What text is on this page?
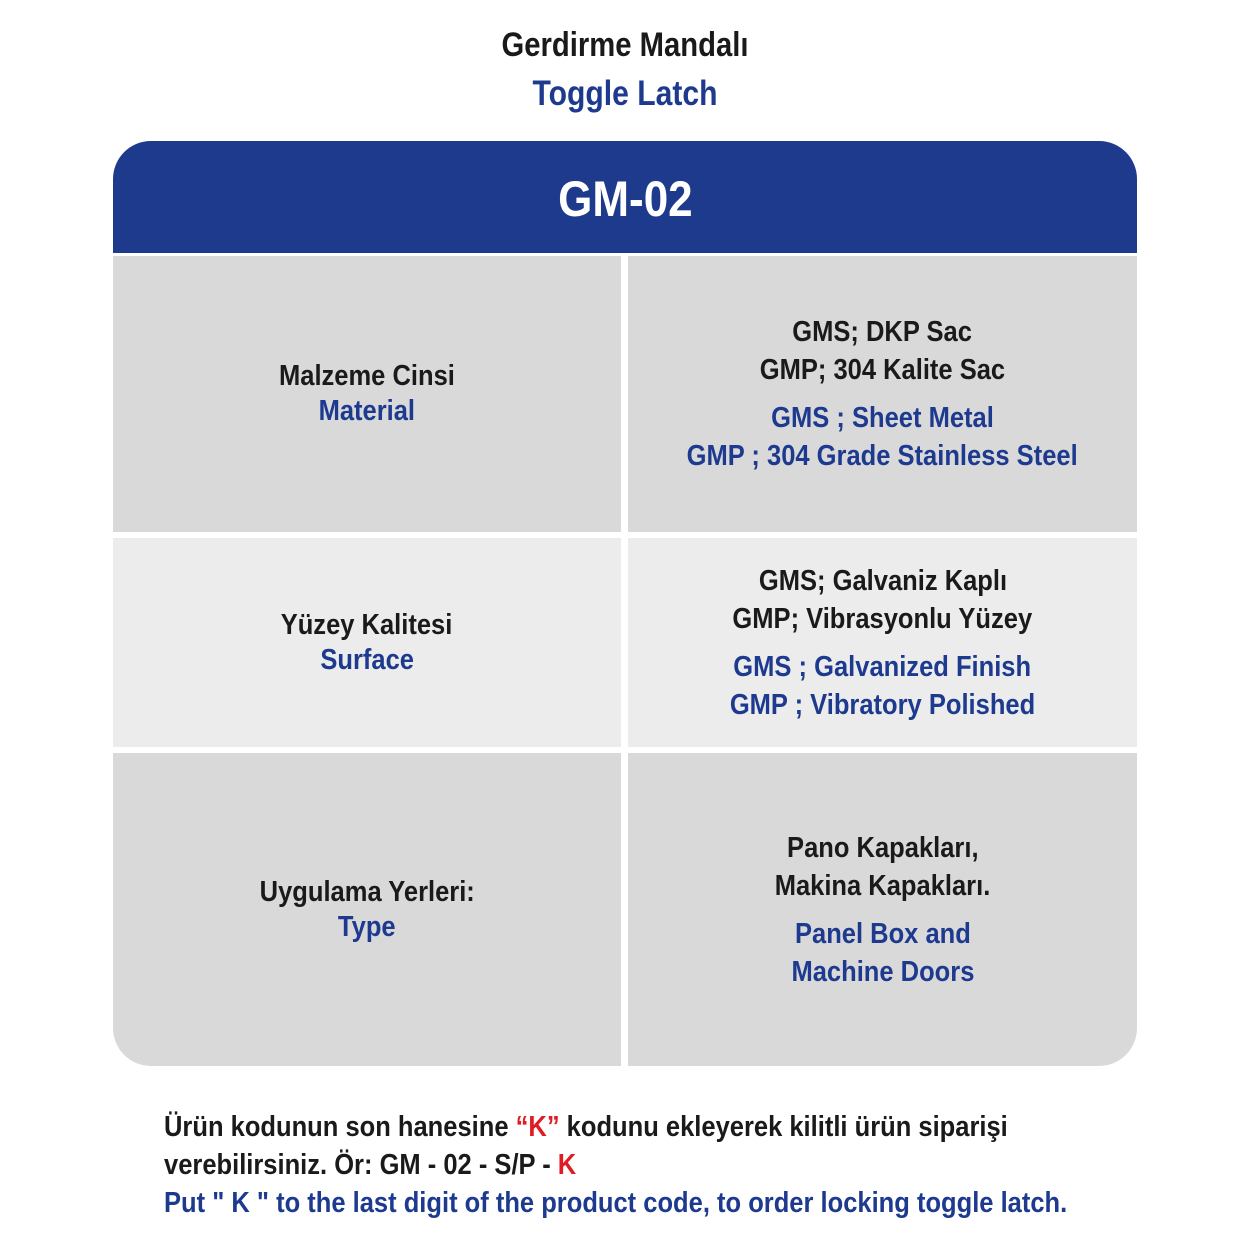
Gerdirme Mandalı
Toggle Latch
GM-02
Malzeme Cinsi
Material
GMS; DKP Sac
GMP; 304 Kalite Sac
GMS ; Sheet Metal
GMP ; 304 Grade Stainless Steel
Yüzey Kalitesi
Surface
GMS; Galvaniz Kaplı
GMP; Vibrasyonlu Yüzey
GMS ; Galvanized Finish
GMP ; Vibratory Polished
Uygulama Yerleri:
Type
Pano Kapakları,
Makina Kapakları.
Panel Box and
Machine Doors
Ürün kodunun son hanesine “K” kodunu ekleyerek kilitli ürün siparişi
verebilirsiniz. Ör: GM - 02 - S/P - K
Put " K " to the last digit of the product code, to order locking toggle latch.
